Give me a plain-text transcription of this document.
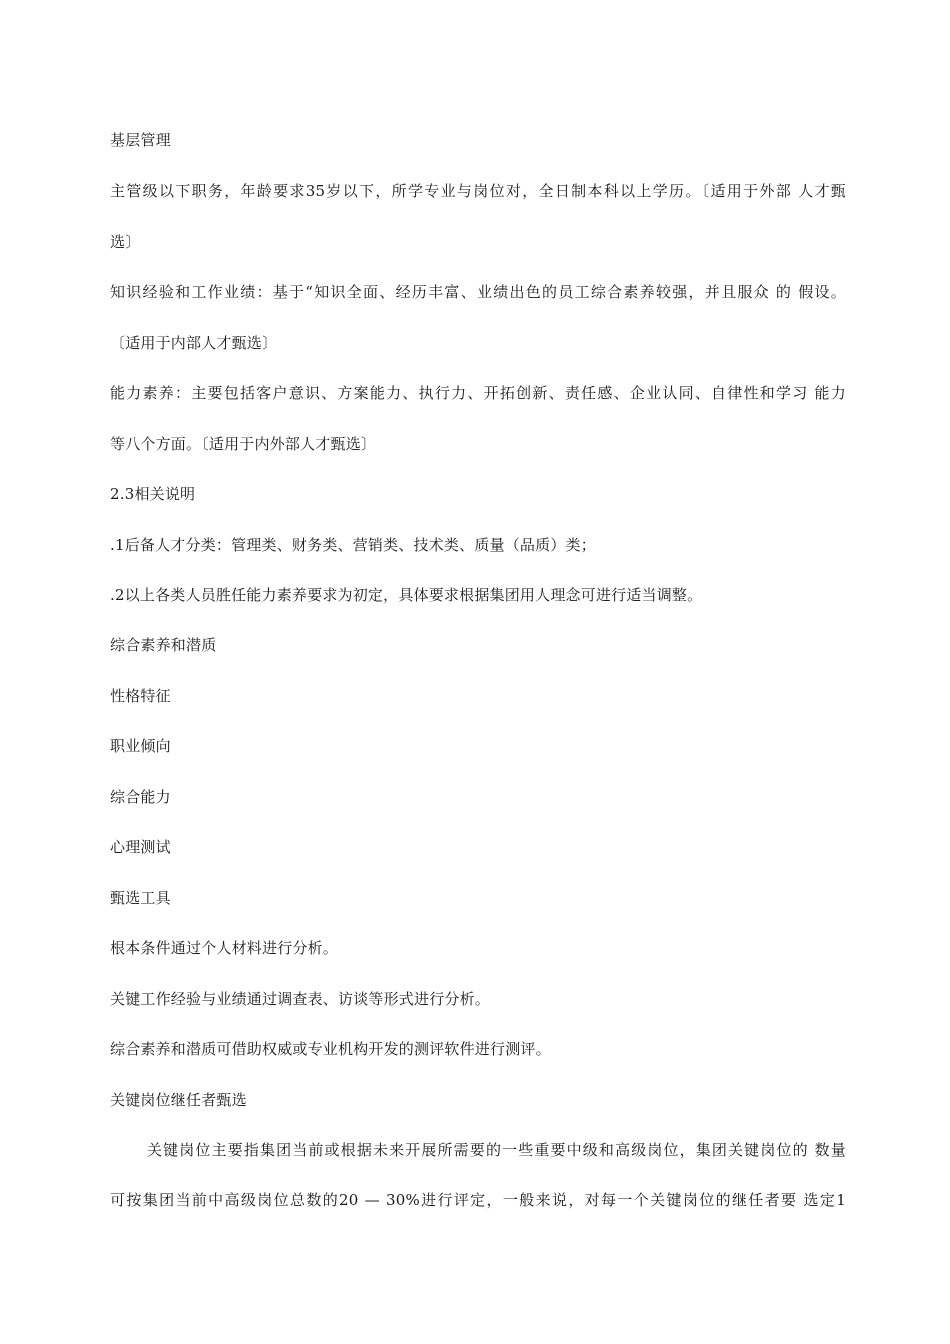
基层管理
主管级以下职务，年龄要求35岁以下，所学专业与岗位对，全日制本科以上学历。〔适用于外部 人才甄
选〕
知识经验和工作业绩：基于“知识全面、经历丰富、业绩出色的员工综合素养较强，并且服众 的 假设。
〔适用于内部人才甄选〕
能力素养：主要包括客户意识、方案能力、执行力、开拓创新、责任感、企业认同、自律性和学习 能力
等八个方面。〔适用于内外部人才甄选〕
2.3相关说明
.1后备人才分类：管理类、财务类、营销类、技术类、质量（品质）类；
.2以上各类人员胜任能力素养要求为初定，具体要求根据集团用人理念可进行适当调整。
综合素养和潜质
性格特征
职业倾向
综合能力
心理测试
甄选工具
根本条件通过个人材料进行分析。
关键工作经验与业绩通过调查表、访谈等形式进行分析。
综合素养和潜质可借助权威或专业机构开发的测评软件进行测评。
关键岗位继任者甄选
关键岗位主要指集团当前或根据未来开展所需要的一些重要中级和高级岗位，集团关键岗位的 数量
可按集团当前中高级岗位总数的20 — 30%进行评定，一般来说，对每一个关键岗位的继任者要 选定1
